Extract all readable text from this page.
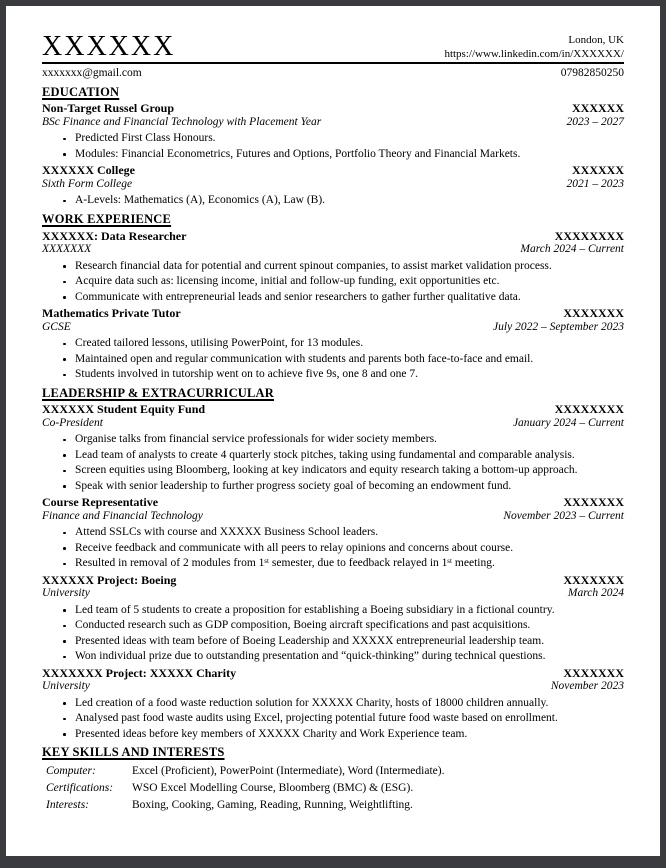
XXXXXX	London, UK
https://www.linkedin.com/in/XXXXXX/
xxxxxxx@gmail.com	07982850250
EDUCATION
Non-Target Russel Group	XXXXXX
BSc Finance and Financial Technology with Placement Year	2023 – 2027
Predicted First Class Honours.
Modules: Financial Econometrics, Futures and Options, Portfolio Theory and Financial Markets.
XXXXXX College	XXXXXX
Sixth Form College	2021 – 2023
A-Levels: Mathematics (A), Economics (A), Law (B).
WORK EXPERIENCE
XXXXXX: Data Researcher	XXXXXXXX
XXXXXXX	March 2024 – Current
Research financial data for potential and current spinout companies, to assist market validation process.
Acquire data such as: licensing income, initial and follow-up funding, exit opportunities etc.
Communicate with entrepreneurial leads and senior researchers to gather further qualitative data.
Mathematics Private Tutor	XXXXXXX
GCSE	July 2022 – September 2023
Created tailored lessons, utilising PowerPoint, for 13 modules.
Maintained open and regular communication with students and parents both face-to-face and email.
Students involved in tutorship went on to achieve five 9s, one 8 and one 7.
LEADERSHIP & EXTRACURRICULAR
XXXXXX Student Equity Fund	XXXXXXXX
Co-President	January 2024 – Current
Organise talks from financial service professionals for wider society members.
Lead team of analysts to create 4 quarterly stock pitches, taking using fundamental and comparable analysis.
Screen equities using Bloomberg, looking at key indicators and equity research taking a bottom-up approach.
Speak with senior leadership to further progress society goal of becoming an endowment fund.
Course Representative	XXXXXXX
Finance and Financial Technology	November 2023 – Current
Attend SSLCs with course and XXXXX Business School leaders.
Receive feedback and communicate with all peers to relay opinions and concerns about course.
Resulted in removal of 2 modules from 1ˢᵗ semester, due to feedback relayed in 1ˢᵗ meeting.
XXXXXX Project: Boeing	XXXXXXX
University	March 2024
Led team of 5 students to create a proposition for establishing a Boeing subsidiary in a fictional country.
Conducted research such as GDP composition, Boeing aircraft specifications and past acquisitions.
Presented ideas with team before of Boeing Leadership and XXXXX entrepreneurial leadership team.
Won individual prize due to outstanding presentation and “quick-thinking” during technical questions.
XXXXXXX Project: XXXXX Charity	XXXXXXX
University	November 2023
Led creation of a food waste reduction solution for XXXXX Charity, hosts of 18000 children annually.
Analysed past food waste audits using Excel, projecting potential future food waste based on enrollment.
Presented ideas before key members of XXXXX Charity and Work Experience team.
KEY SKILLS AND INTERESTS
Computer:	Excel (Proficient), PowerPoint (Intermediate), Word (Intermediate).
Certifications:	WSO Excel Modelling Course, Bloomberg (BMC) & (ESG).
Interests:	Boxing, Cooking, Gaming, Reading, Running, Weightlifting.
